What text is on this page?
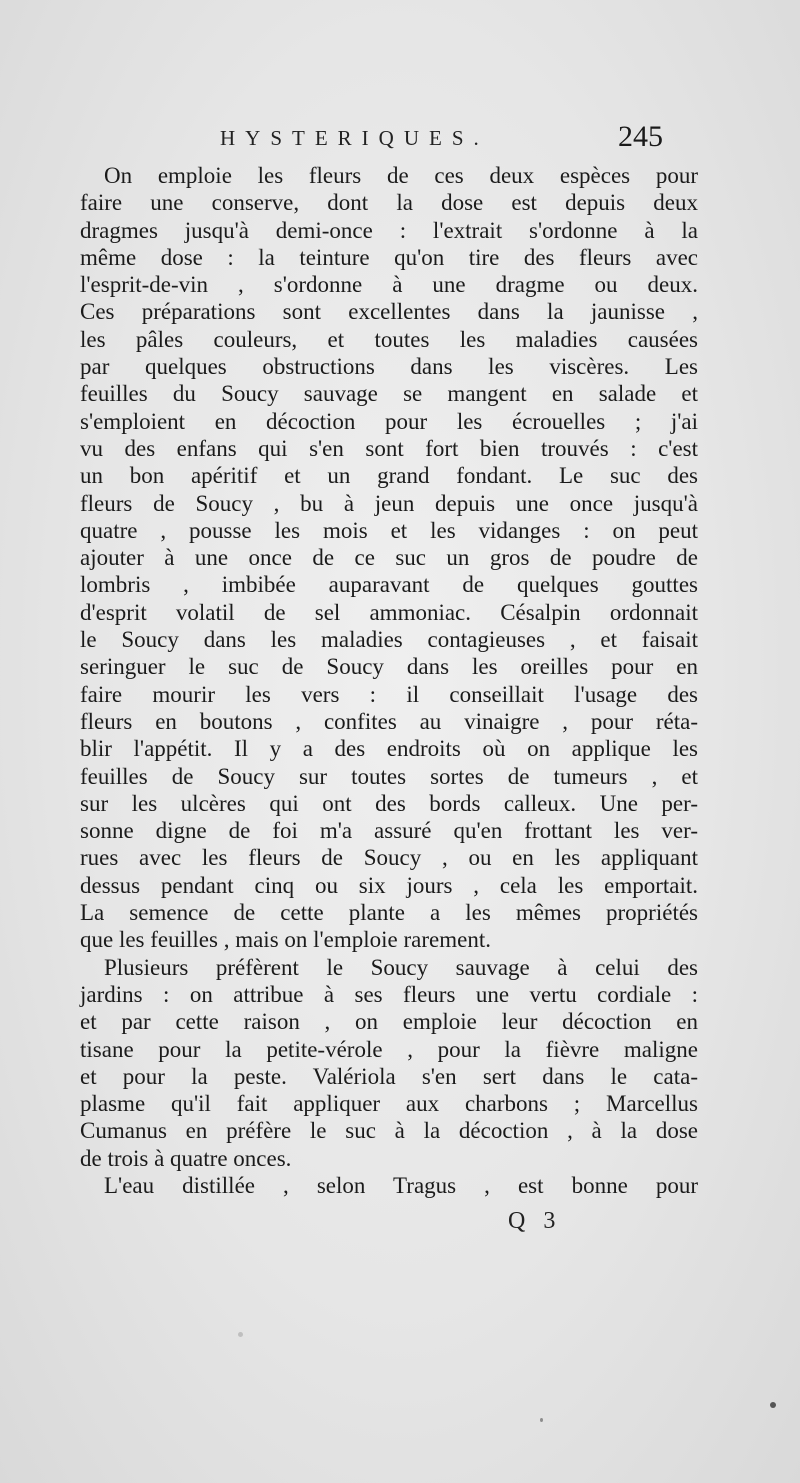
HYSTERIQUES.	245
On emploie les fleurs de ces deux espèces pour
faire une conserve, dont la dose est depuis deux
dragmes jusqu'à demi-once : l'extrait s'ordonne à la
même dose : la teinture qu'on tire des fleurs avec
l'esprit-de-vin , s'ordonne à une dragme ou deux.
Ces préparations sont excellentes dans la jaunisse ,
les pâles couleurs, et toutes les maladies causées
par quelques obstructions dans les viscères. Les
feuilles du Soucy sauvage se mangent en salade et
s'emploient en décoction pour les écrouelles ; j'ai
vu des enfans qui s'en sont fort bien trouvés : c'est
un bon apéritif et un grand fondant. Le suc des
fleurs de Soucy , bu à jeun depuis une once jusqu'à
quatre , pousse les mois et les vidanges : on peut
ajouter à une once de ce suc un gros de poudre de
lombris , imbibée auparavant de quelques gouttes
d'esprit volatil de sel ammoniac. Césalpin ordonnait
le Soucy dans les maladies contagieuses , et faisait
seringuer le suc de Soucy dans les oreilles pour en
faire mourir les vers : il conseillait l'usage des
fleurs en boutons , confites au vinaigre , pour réta-
blir l'appétit. Il y a des endroits où on applique les
feuilles de Soucy sur toutes sortes de tumeurs , et
sur les ulcères qui ont des bords calleux. Une per-
sonne digne de foi m'a assuré qu'en frottant les ver-
rues avec les fleurs de Soucy , ou en les appliquant
dessus pendant cinq ou six jours , cela les emportait.
La semence de cette plante a les mêmes propriétés
que les feuilles , mais on l'emploie rarement.
Plusieurs préfèrent le Soucy sauvage à celui des
jardins : on attribue à ses fleurs une vertu cordiale :
et par cette raison , on emploie leur décoction en
tisane pour la petite-vérole , pour la fièvre maligne
et pour la peste. Valériola s'en sert dans le cata-
plasme qu'il fait appliquer aux charbons ; Marcellus
Cumanus en préfère le suc à la décoction , à la dose
de trois à quatre onces.
L'eau distillée , selon Tragus , est bonne pour
Q 3
